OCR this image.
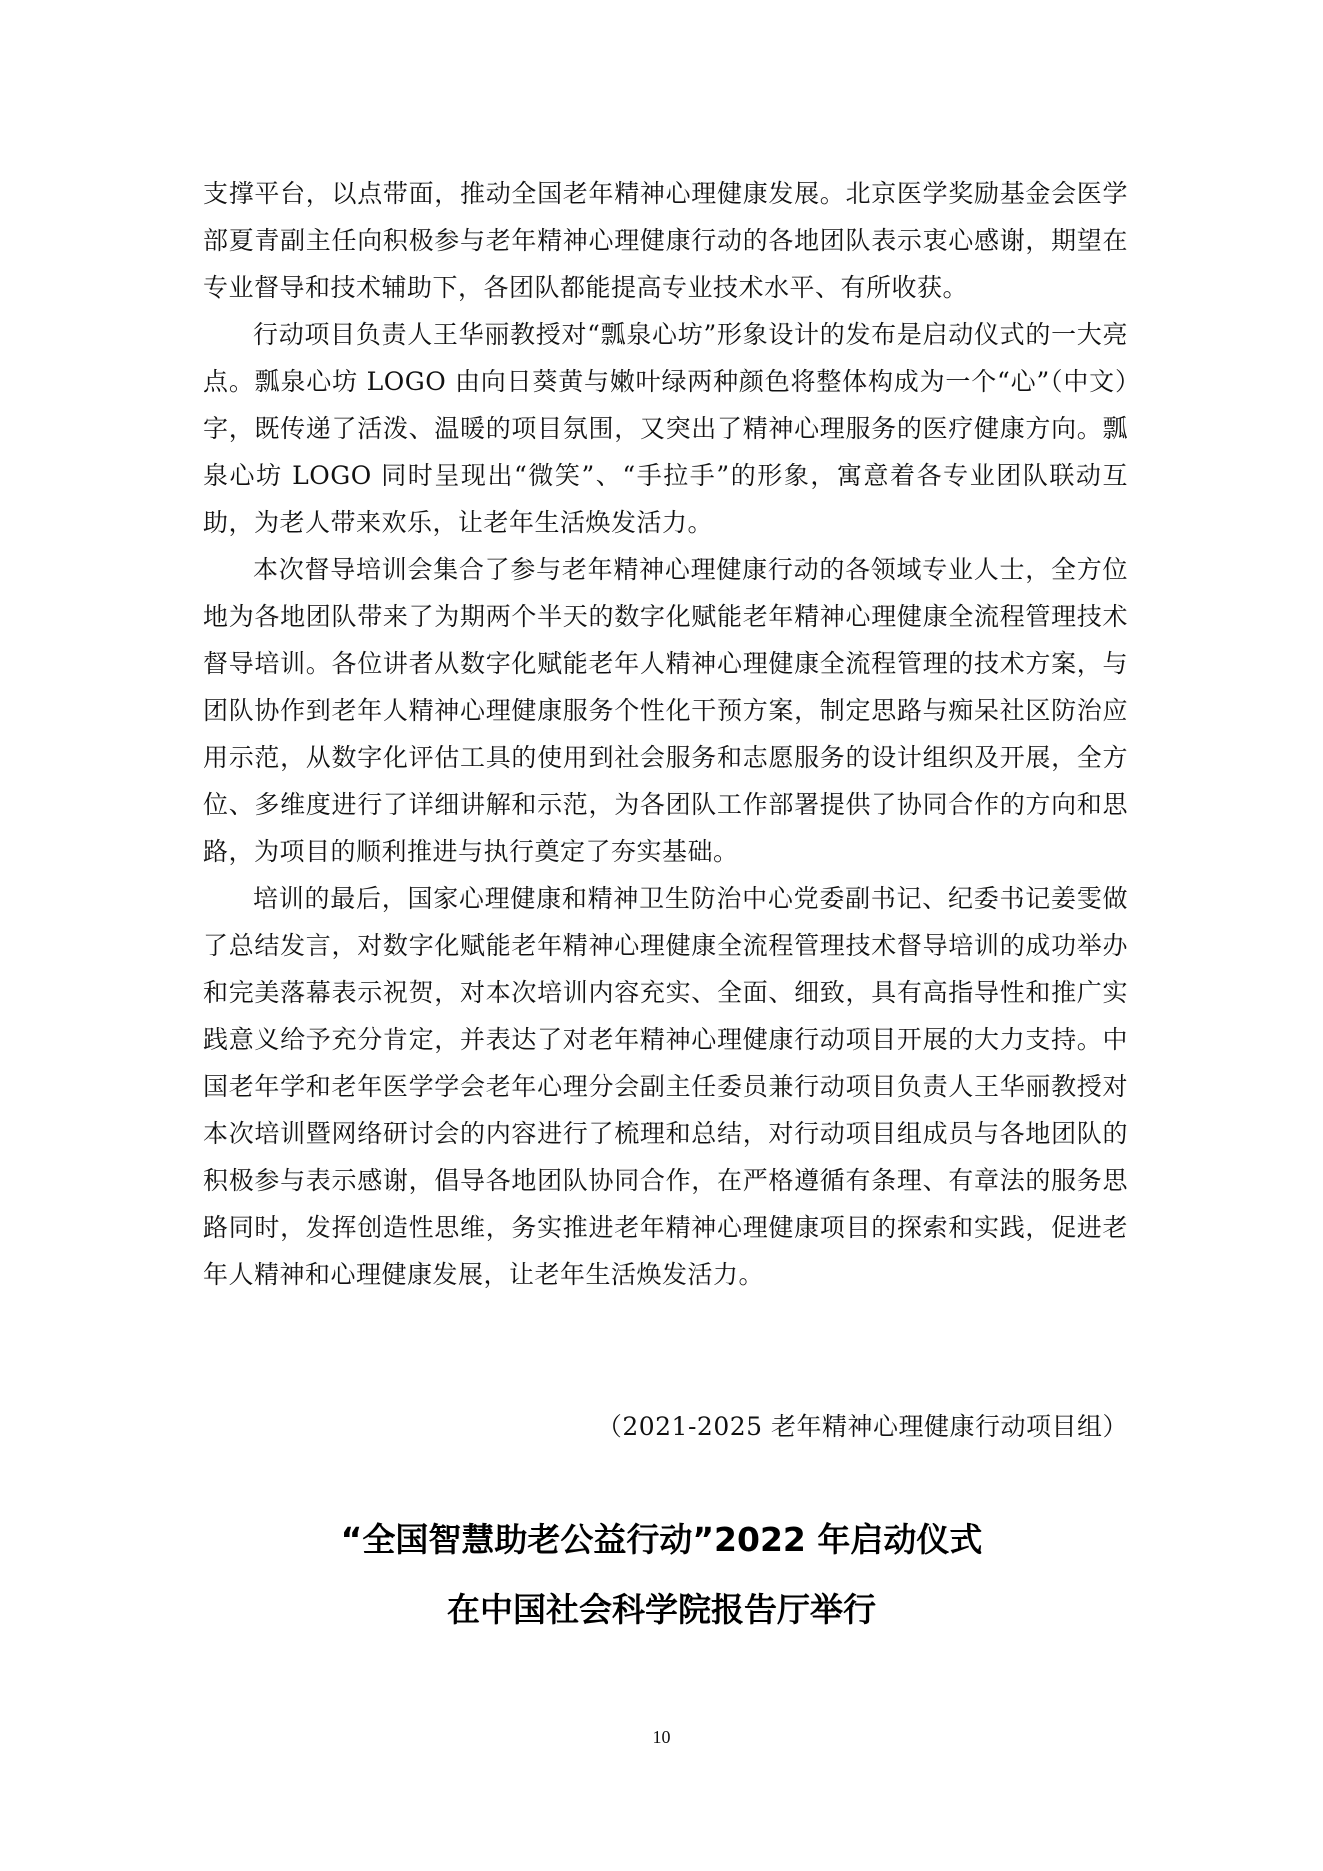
支撑平台，以点带面，推动全国老年精神心理健康发展。北京医学奖励基金会医学部夏青副主任向积极参与老年精神心理健康行动的各地团队表示衷心感谢，期望在专业督导和技术辅助下，各团队都能提高专业技术水平、有所收获。

行动项目负责人王华丽教授对“瓢泉心坊”形象设计的发布是启动仪式的一大亮点。瓢泉心坊 LOGO 由向日葵黄与嫩叶绿两种颜色将整体构成为一个“心”（中文）字，既传递了活泼、温暖的项目氛围，又突出了精神心理服务的医疗健康方向。瓢泉心坊 LOGO 同时呈现出“微笑”、“手拉手”的形象，寓意着各专业团队联动互助，为老人带来欢乐，让老年生活焕发活力。

本次督导培训会集合了参与老年精神心理健康行动的各领域专业人士，全方位地为各地团队带来了为期两个半天的数字化赋能老年精神心理健康全流程管理技术督导培训。各位讲者从数字化赋能老年人精神心理健康全流程管理的技术方案，与团队协作到老年人精神心理健康服务个性化干预方案，制定思路与痴呆社区防治应用示范，从数字化评估工具的使用到社会服务和志愿服务的设计组织及开展，全方位、多维度进行了详细讲解和示范，为各团队工作部署提供了协同合作的方向和思路，为项目的顺利推进与执行奠定了夯实基础。

培训的最后，国家心理健康和精神卫生防治中心党委副书记、纪委书记姜雯做了总结发言，对数字化赋能老年精神心理健康全流程管理技术督导培训的成功举办和完美落幕表示祝贺，对本次培训内容充实、全面、细致，具有高指导性和推广实践意义给予充分肯定，并表达了对老年精神心理健康行动项目开展的大力支持。中国老年学和老年医学学会老年心理分会副主任委员兼行动项目负责人王华丽教授对本次培训暨网络研讨会的内容进行了梳理和总结，对行动项目组成员与各地团队的积极参与表示感谢，倡导各地团队协同合作，在严格遵循有条理、有章法的服务思路同时，发挥创造性思维，务实推进老年精神心理健康项目的探索和实践，促进老年人精神和心理健康发展，让老年生活焕发活力。

（2021-2025 老年精神心理健康行动项目组）
“全国智慧助老公益行动”2022 年启动仪式
在中国社会科学院报告厅举行
10
